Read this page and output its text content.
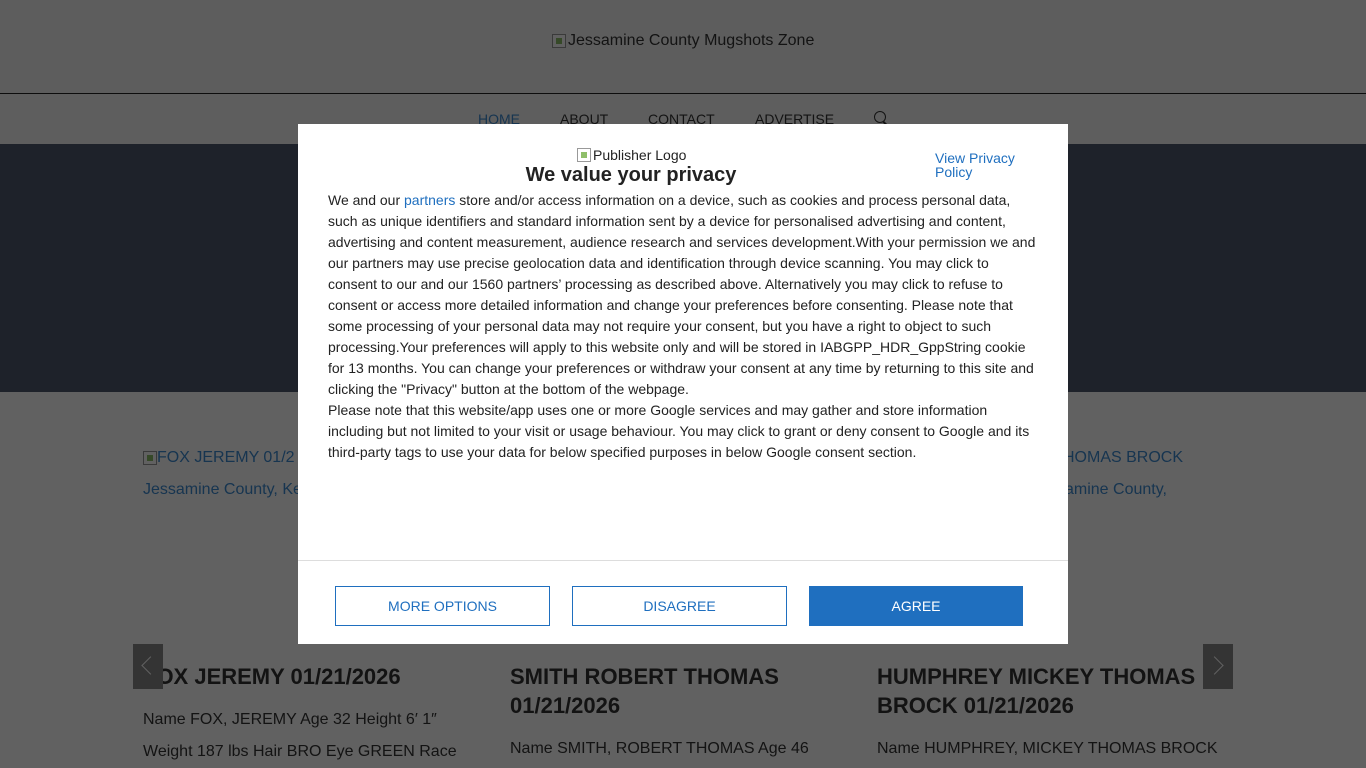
Publisher Logo
We value your privacy
View Privacy Policy

We and our partners store and/or access information on a device, such as cookies and process personal data, such as unique identifiers and standard information sent by a device for personalised advertising and content, advertising and content measurement, audience research and services development.With your permission we and our partners may use precise geolocation data and identification through device scanning. You may click to consent to our and our 1560 partners’ processing as described above. Alternatively you may click to refuse to consent or access more detailed information and change your preferences before consenting. Please note that some processing of your personal data may not require your consent, but you have a right to object to such processing.Your preferences will apply to this website only and will be stored in IABGPP_HDR_GppString cookie for 13 months. You can change your preferences or withdraw your consent at any time by returning to this site and clicking the "Privacy" button at the bottom of the webpage.

Please note that this website/app uses one or more Google services and may gather and store information including but not limited to your visit or usage behaviour. You may click to grant or deny consent to Google and its third-party tags to use your data for below specified purposes in below Google consent section.

MORE OPTIONS	DISAGREE	AGREE
